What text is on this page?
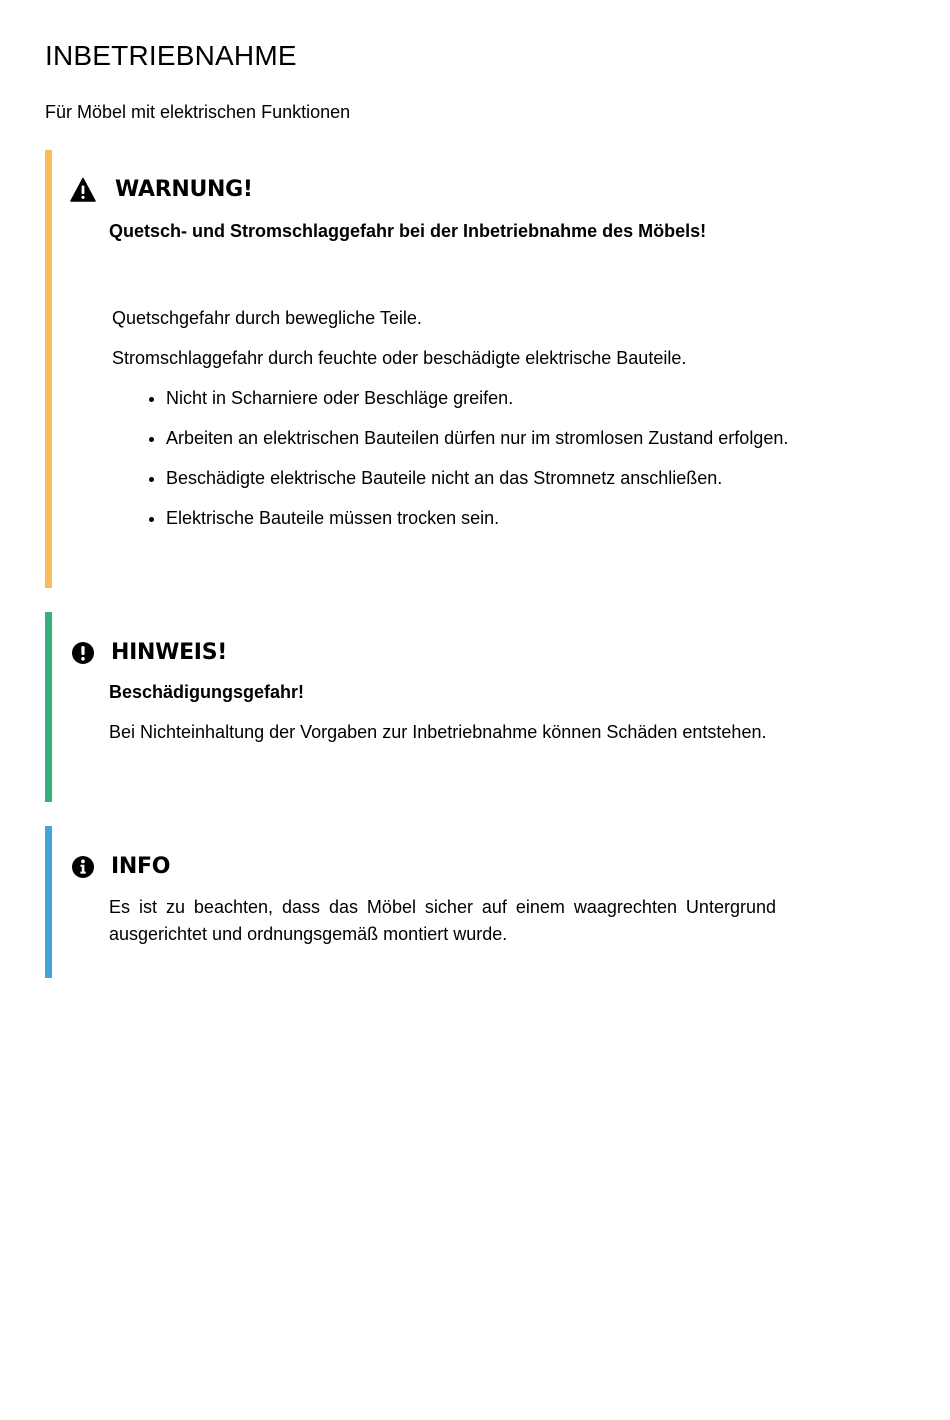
INBETRIEBNAHME

Für Möbel mit elektrischen Funktionen

WARNUNG!

Quetsch- und Stromschlaggefahr bei der Inbetriebnahme des Möbels!

Quetschgefahr durch bewegliche Teile.

Stromschlaggefahr durch feuchte oder beschädigte elektrische Bauteile.

• Nicht in Scharniere oder Beschläge greifen.
• Arbeiten an elektrischen Bauteilen dürfen nur im stromlosen Zustand erfolgen.
• Beschädigte elektrische Bauteile nicht an das Stromnetz anschließen.
• Elektrische Bauteile müssen trocken sein.
HINWEIS!

Beschädigungsgefahr!

Bei Nichteinhaltung der Vorgaben zur Inbetriebnahme können Schäden entstehen.

INFO

Es ist zu beachten, dass das Möbel sicher auf einem waagrechten Untergrund ausgerichtet und ordnungsgemäß montiert wurde.
